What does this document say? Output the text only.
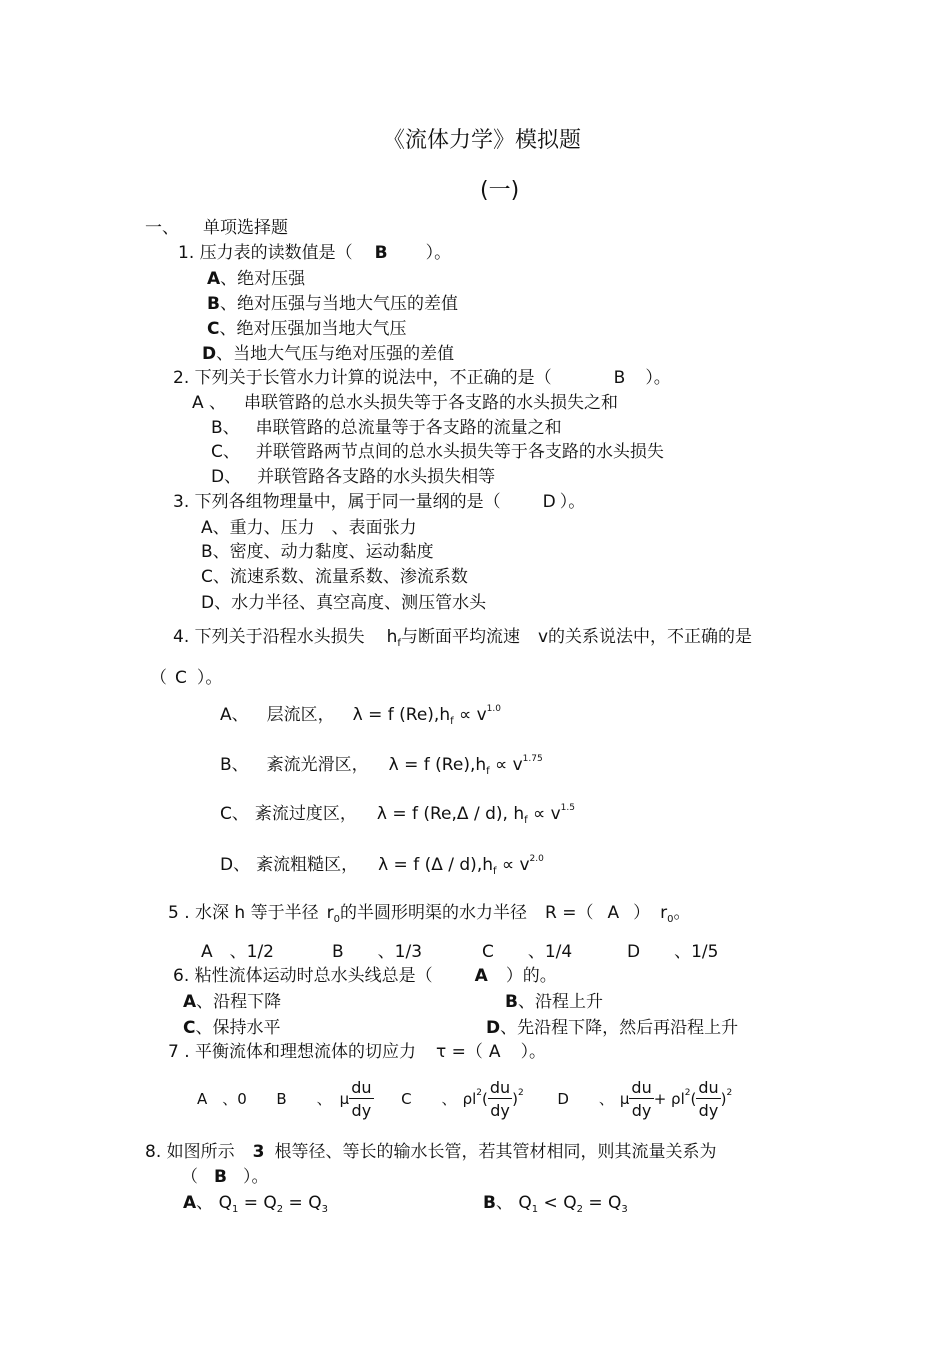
《流体力学》模拟题
(一)
一、 单项选择题
1. 压力表的读数值是（ B ）。
A、绝对压强
B、绝对压强与当地大气压的差值
C、绝对压强加当地大气压
D、当地大气压与绝对压强的差值
2. 下列关于长管水力计算的说法中，不正确的是（	B ）。
A 、 串联管路的总水头损失等于各支路的水头损失之和
B、 串联管路的总流量等于各支路的流量之和
C、 并联管路两节点间的总水头损失等于各支路的水头损失
D、 并联管路各支路的水头损失相等
3. 下列各组物理量中，属于同一量纲的是（ D ）。
A、重力、压力　、表面张力
B、密度、动力黏度、运动黏度
C、流速系数、流量系数、渗流系数
D、水力半径、真空高度、测压管水头
4. 下列关于沿程水头损失 $h_f$与断面平均流速 v的关系说法中，不正确的是
（ C ）。
A、 层流区， λ = f $(Re),h_f \propto v^{1.0}$
B、 紊流光滑区， λ = f $(Re),h_f \propto v^{1.75}$
C、 紊流过度区， λ = f (Re,Δ / d), $h_f \propto v^{1.5}$
D、 紊流粗糙区， λ = f $(\Delta / d),h_f \propto v^{2.0}$
5 . 水深 h 等于半径 $r_0$的半圆形明渠的水力半径 R =（ A ） $r_0$。
A　、1/2	B　　、1/3	C　　、1/4	D　　、1/5
6. 粘性流体运动时总水头线总是（ A ）的。
A、沿程下降	B、沿程上升
C、保持水平	D、先沿程下降，然后再沿程上升
7 . 平衡流体和理想流体的切应力 τ =（ A ）。
A　、0 B　　、 μ $\frac{du}{dy}$ C　　、 $\rho l^2( \frac{du}{dy} )^2$ D　　、 μ $\frac{du}{dy} + \rho l^2( \frac{du}{dy} )^2$
8. 如图所示 3 根等径、等长的输水长管，若其管材相同，则其流量关系为
（ B ）。
A、 $Q_1 = Q_2 = Q_3$	B、 $Q_1 < Q_2 = Q_3$
